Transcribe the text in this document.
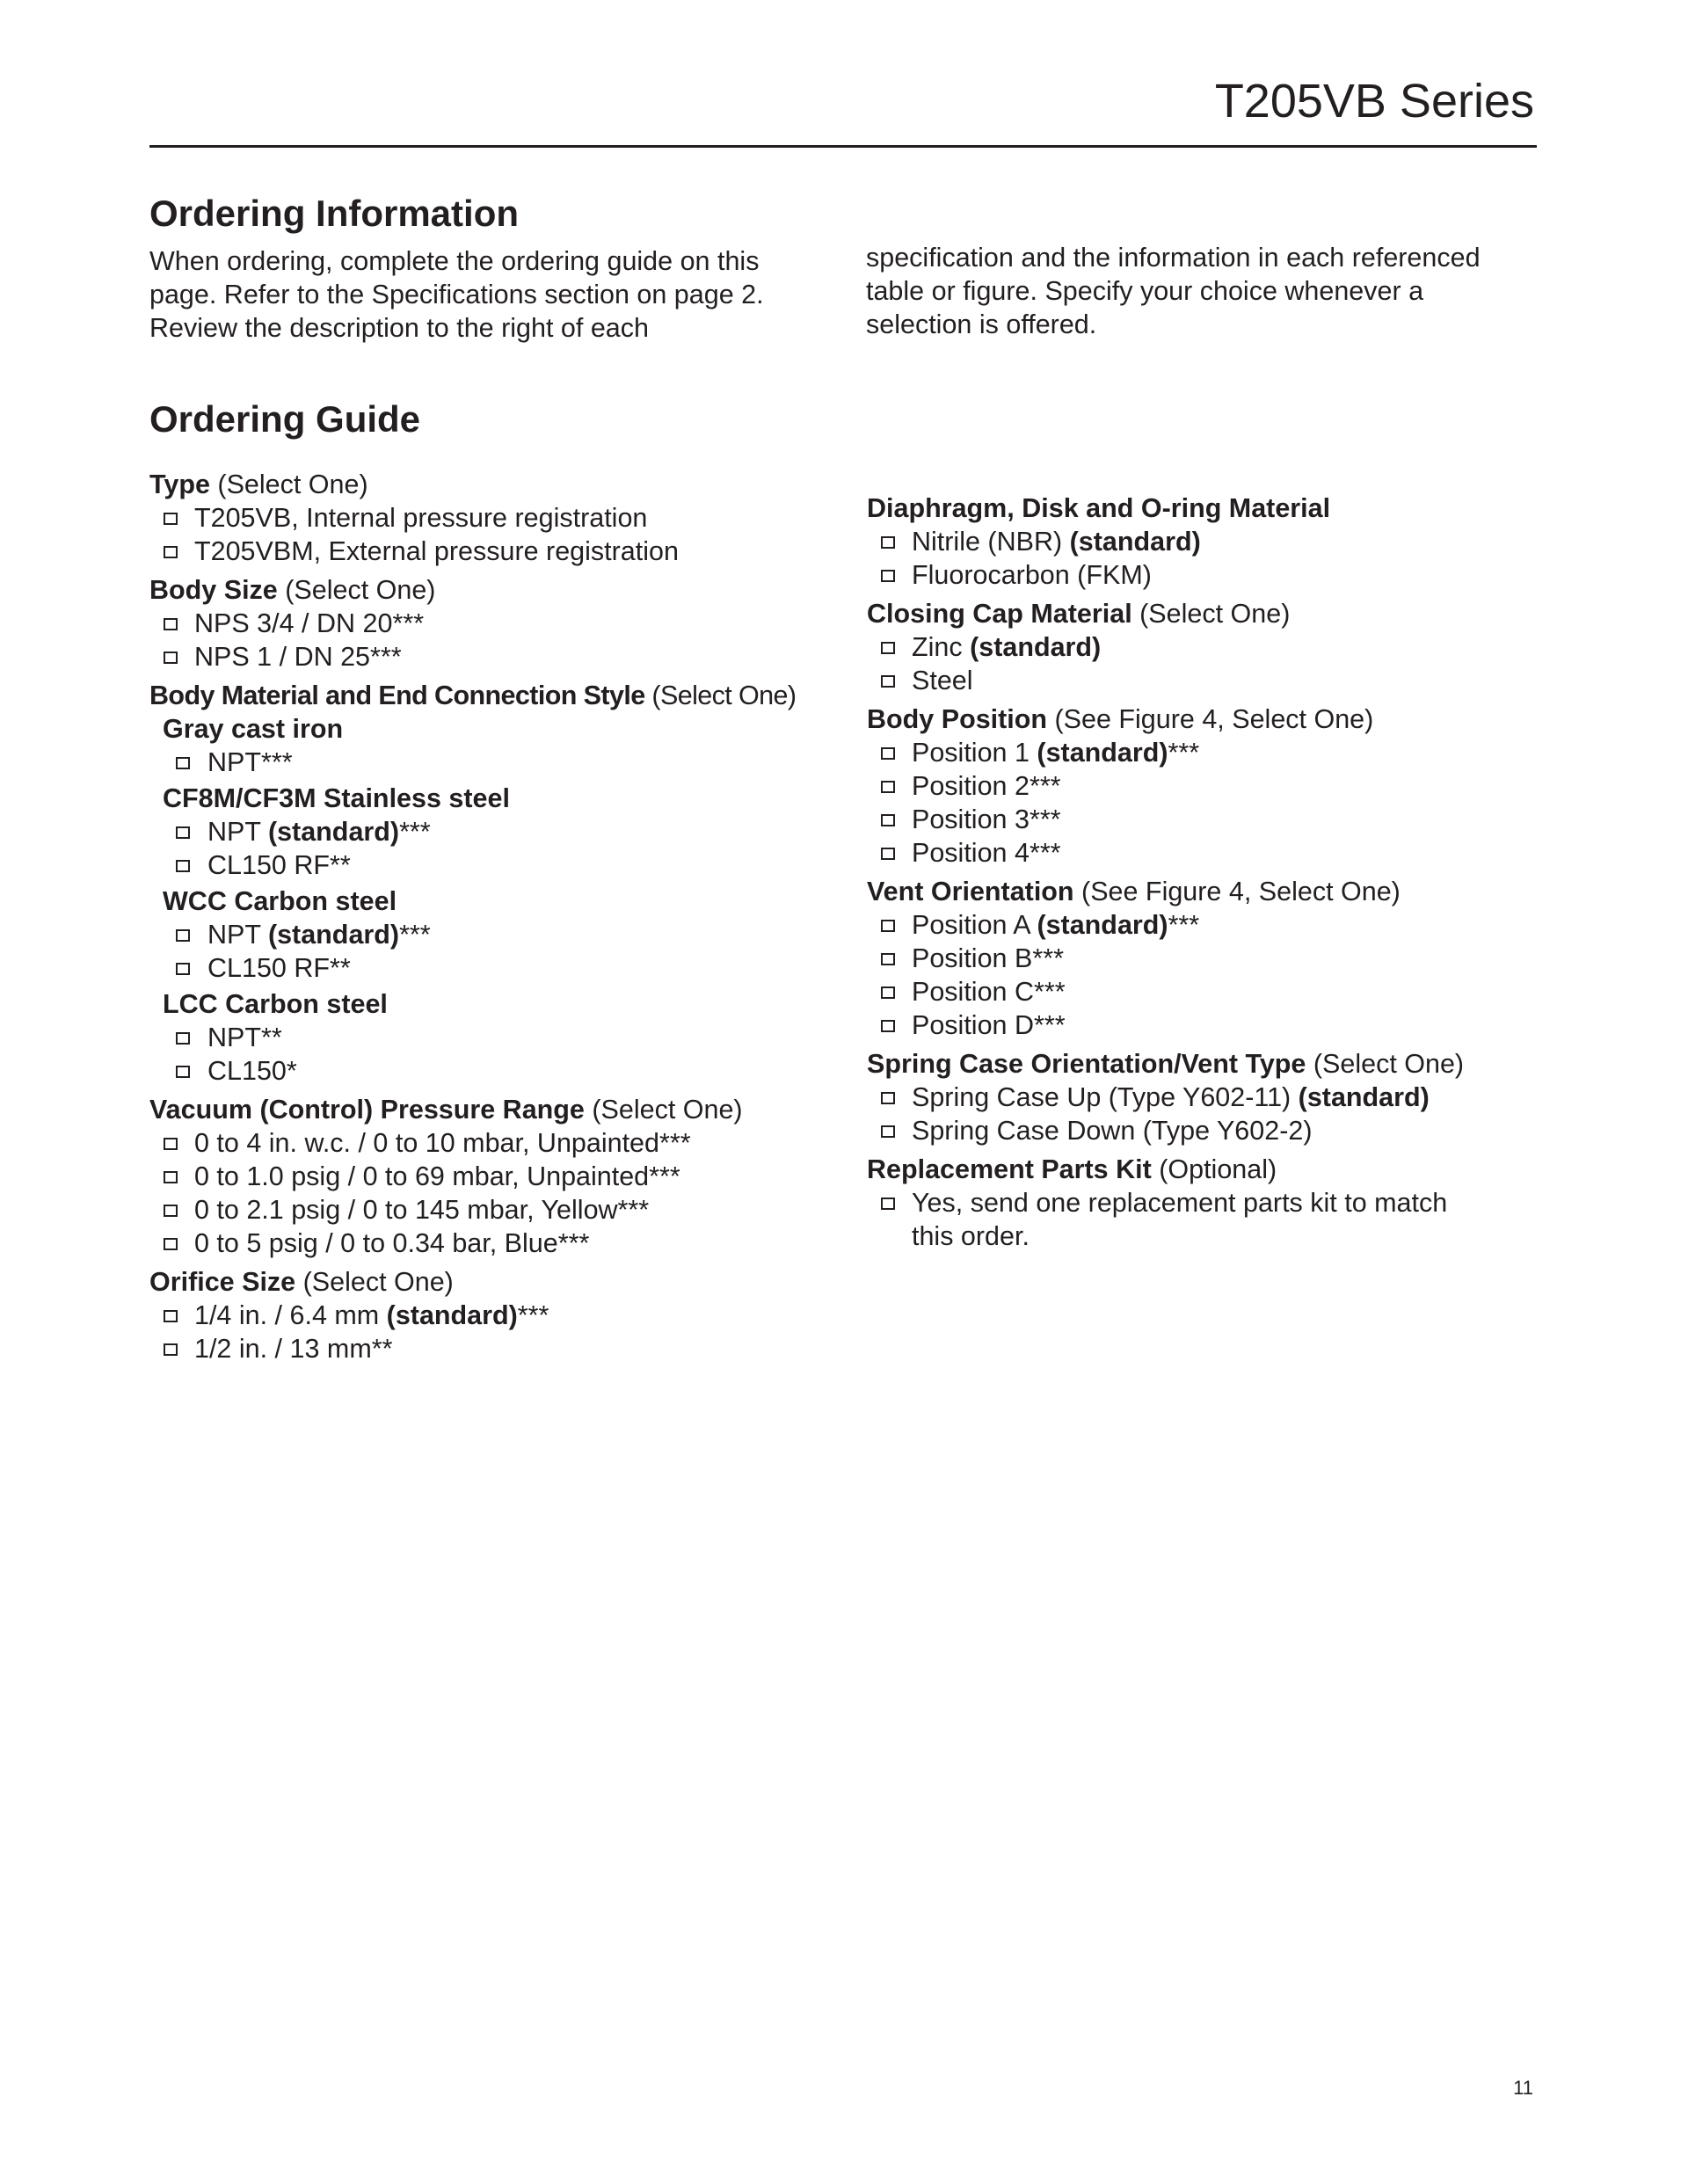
T205VB Series
Ordering Information
When ordering, complete the ordering guide on this
page. Refer to the Specifications section on page 2.
Review the description to the right of each
specification and the information in each referenced
table or figure. Specify your choice whenever a
selection is offered.
Ordering Guide
Type (Select One)
T205VB, Internal pressure registration
T205VBM, External pressure registration
Body Size (Select One)
NPS 3/4 / DN 20***
NPS 1 / DN 25***
Body Material and End Connection Style (Select One)
Gray cast iron
NPT***
CF8M/CF3M Stainless steel
NPT (standard)***
CL150 RF**
WCC Carbon steel
NPT (standard)***
CL150 RF**
LCC Carbon steel
NPT**
CL150*
Vacuum (Control) Pressure Range (Select One)
0 to 4 in. w.c. / 0 to 10 mbar, Unpainted***
0 to 1.0 psig / 0 to 69 mbar, Unpainted***
0 to 2.1 psig / 0 to 145 mbar, Yellow***
0 to 5 psig / 0 to 0.34 bar, Blue***
Orifice Size (Select One)
1/4 in. / 6.4 mm (standard)***
1/2 in. / 13 mm**
Diaphragm, Disk and O-ring Material
Nitrile (NBR) (standard)
Fluorocarbon (FKM)
Closing Cap Material (Select One)
Zinc (standard)
Steel
Body Position (See Figure 4, Select One)
Position 1 (standard)***
Position 2***
Position 3***
Position 4***
Vent Orientation (See Figure 4, Select One)
Position A (standard)***
Position B***
Position C***
Position D***
Spring Case Orientation/Vent Type (Select One)
Spring Case Up (Type Y602-11) (standard)
Spring Case Down (Type Y602-2)
Replacement Parts Kit (Optional)
Yes, send one replacement parts kit to match
this order.
11
